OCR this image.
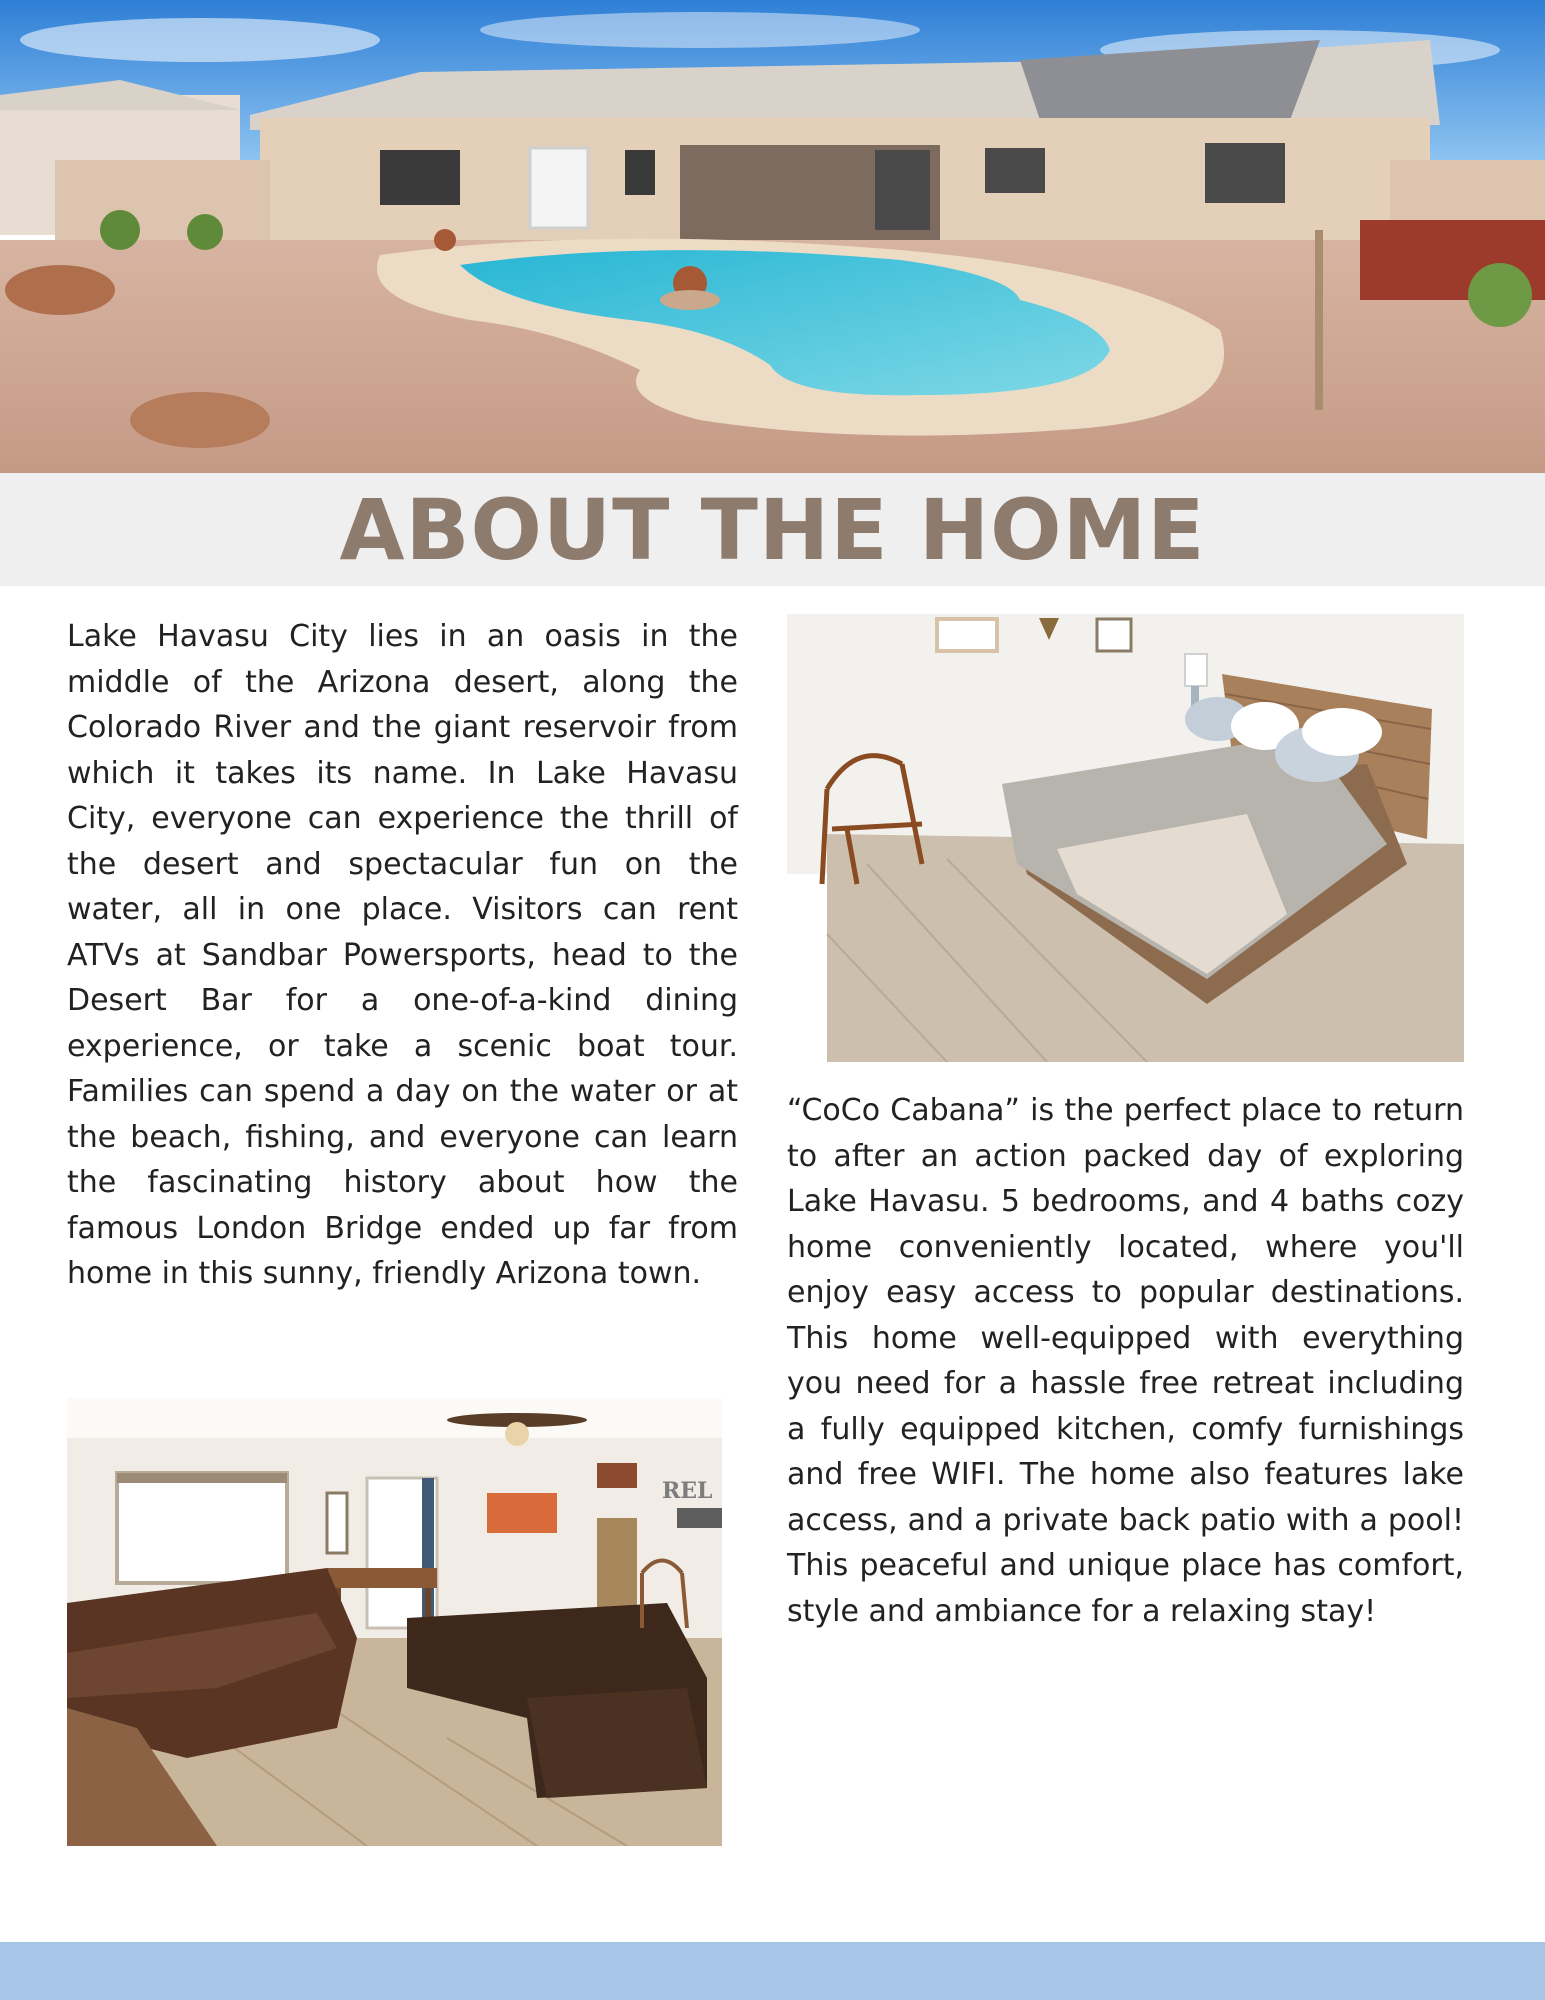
ABOUT THE HOME

Lake Havasu City lies in an oasis in the middle of the Arizona desert, along the Colorado River and the giant reservoir from which it takes its name. In Lake Havasu City, everyone can experience the thrill of the desert and spectacular fun on the water, all in one place. Visitors can rent ATVs at Sandbar Powersports, head to the Desert Bar for a one-of-a-kind dining experience, or take a scenic boat tour. Families can spend a day on the water or at the beach, fishing, and everyone can learn the fascinating history about how the famous London Bridge ended up far from home in this sunny, friendly Arizona town.

“CoCo Cabana” is the perfect place to return to after an action packed day of exploring Lake Havasu. 5 bedrooms, and 4 baths cozy home conveniently located, where you'll enjoy easy access to popular destinations. This home well-equipped with everything you need for a hassle free retreat including a fully equipped kitchen, comfy furnishings and free WIFI. The home also features lake access, and a private back patio with a pool! This peaceful and unique place has comfort, style and ambiance for a relaxing stay!

REL
